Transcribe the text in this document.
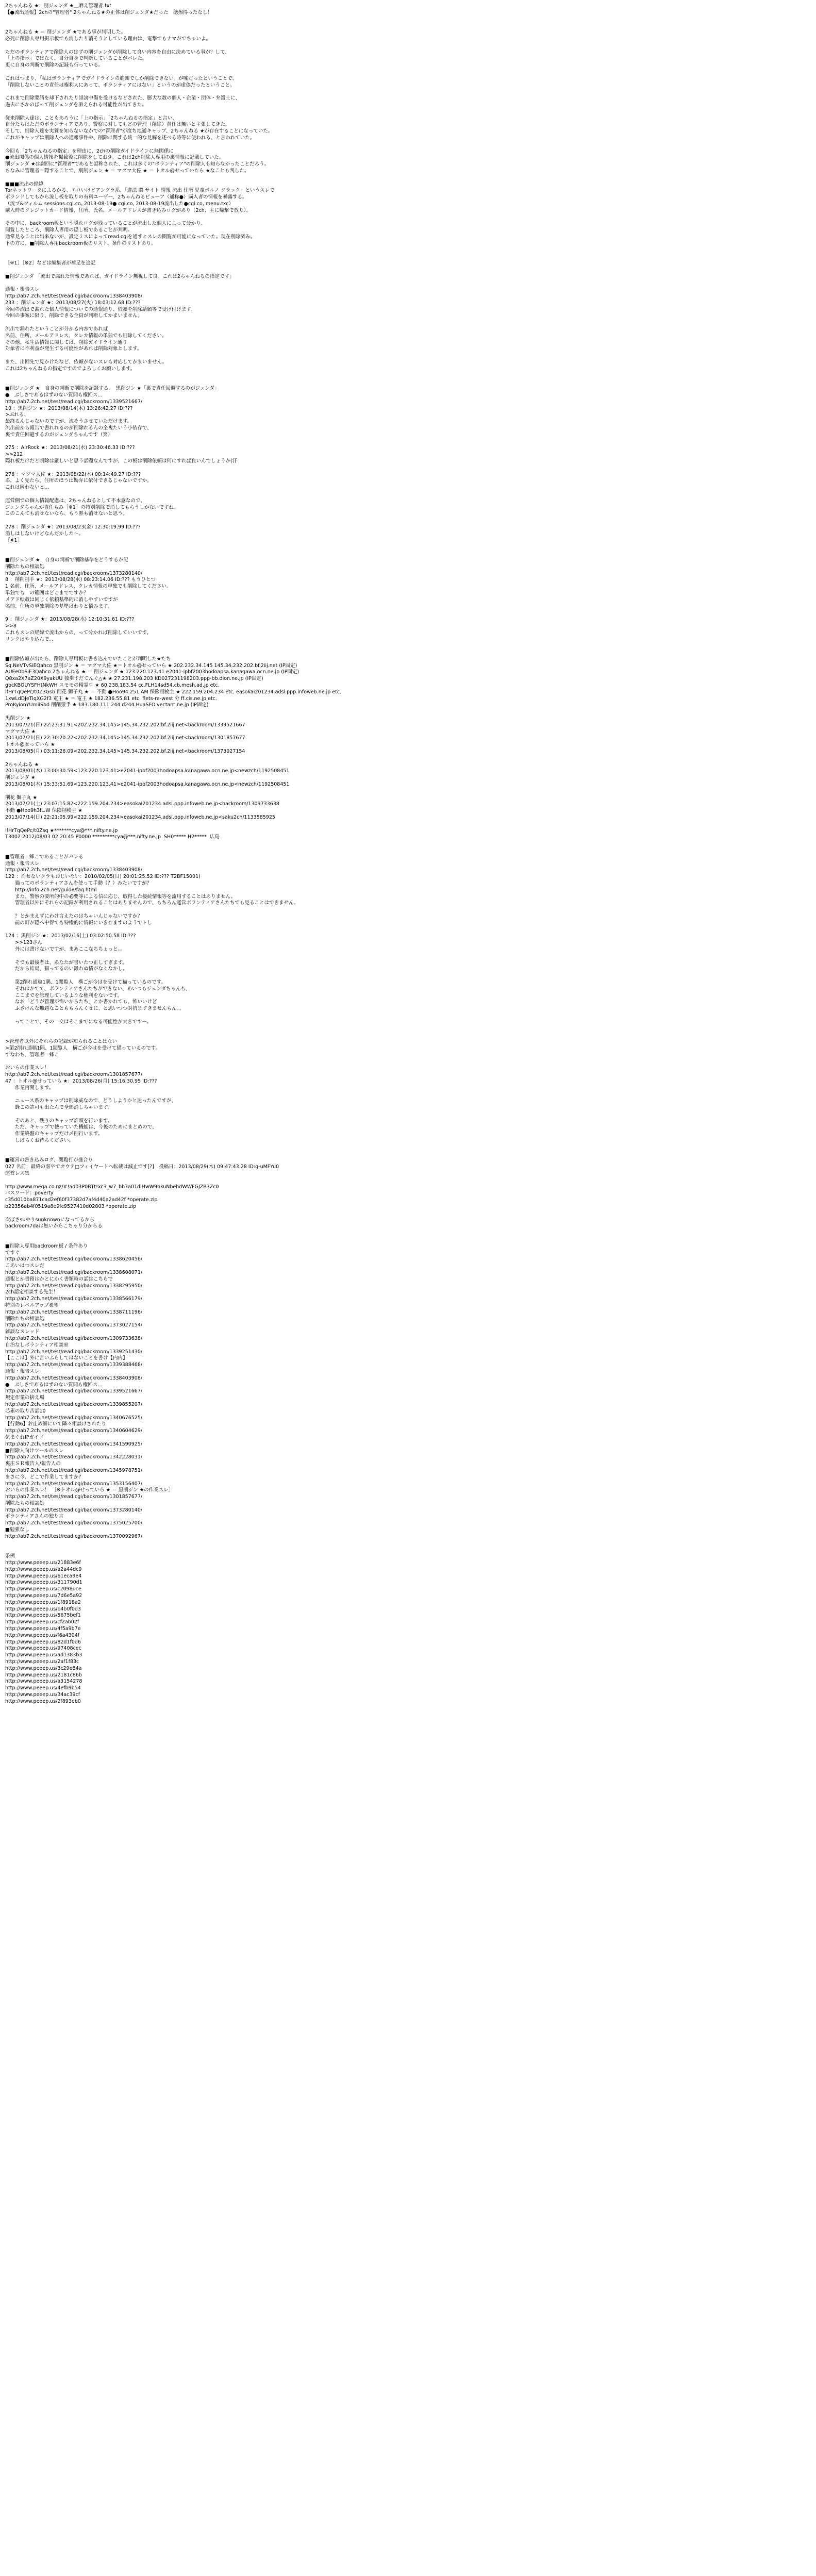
2ちゃんねる ★：削ジェンダ ★＿晒え管理者.txt
【●流出通報】2chの"管理者" 2ちゃんねる★の正体は削ジェンダ★だった　徳擦得ったなし！
2ちゃんねる ★ ＝ 削ジェンダ ★である事が判明した。
必死に削除人専用掲示板でも消したり消そうとしている理由は、電撃でもナマがでちゃいよ。
ただのボランティアで削除人のはずの削ジェンダが削除して良い内容を自由に決めている事が？して、
「上の指示」ではなく、自分自身で判断していることがバレた。
更に自身の判断で削除の記録も行っている。
これはつまり、「私はボランティアでガイドラインの範囲でしか削除できない」が嘘だったということで、
「削除しないことの責任は権利人にあって、ボランティアにはない」というのが虚偽だったということ。
これまで削除要請を却下されたり誹謗中傷を受けるなどされた、膨大な数の個人・企業・団体・弁護士に、
過去にさかのぼって削ジェンダを訴えられる可能性が出てきた。
従来削除人達は、こともあろうに「上の指示」「2ちゃんねるの指定」と言い、
自分たちはただのボランティアであり、警察に対してもどの管理（削除）責任は無いと主張してきた。
そして、削除人達を実質を知らないなかでの"管理者"が度ち地通キャップ、2ちゃんねる ★が存在することになっていた。
これがキャップは削除人への通報事件や、削除に関する統一的な見解を述べる時等に使われる、と言われていた。
今回も「2ちゃんねるの指定」を理由に、2chの削除ガイドラインに無関係に
●流出関係の個人情報を掲載後に削除をしておき、これは2ch削除人専用の裏情報に記載していた。
削ジェンダ ★は謝回に"管理者"であると話称された、これは多くの"ボランティア"の削除人も知らなかったことだろう。
ちなみに管理者＝隠することで、裏削ジェン ★ ＝ マグマ大佐 ★ ＝ トオル@せっていたら ★なことも判した。
■■■流出の経緯
Torネットワークによるかる、エロいけどアングラ系、「違法 闘 サイト 情報 流出 住所 児童ポルノ クラック」というスレで
ボランドしてもから流し板を取りの有料ユーザー、2ちゃんねるビューア（通称●）購入者の情報を暴露する。
（流プ&フィルム sessions.cgi.co, 2013-08-19● cgi.co, 2013-08-19流出した●cgi.co, menu.txc）
購入時のクレジットカード情報、住所、氏名、メールアドレスが書き込みログがあり（2ch、主に帰撃で放り）。
その中に、backroom板という隠れログが残っていることが流出した個人によって分かり、
閲覧したところ、削除人専用の隠し板であることが判明。
通常見ることは出来ないが、設定ミスによってread.cgiを通すとスレの閲覧が可能になっていた。現在削除済み。
下の方に、■削除人専用backroom板のリスト、条件のリストあり。
［※1］［※2］などは編集者が補足を追記
■削ジェンダ 「流出で漏れた情報であれば、ガイドライン無視して良。これは2ちゃんねるの指定です」
通報・報告スレ
http://ab7.2ch.net/test/read.cgi/backroom/1338403908/
233 ：削ジェンダ ★：2013/08/27(火) 18:03:12.68 ID:???
今回の流出で漏れた個人情報についての通報通り、依頼を削除請願等で受け付けます。
今回の事案に限り、削除できる全員が判断してかまいません。
流出で漏れたということが分かる内容であれば
名前、住所、メールアドレス、クレカ情報の単独でも削除してください。
その他、私生活情報に関しては、削除ガイドライン通り
対象者に不利益が発生する可能性があれば削除対象とします。
また、出回先で見かけたなど、依頼がないスレも対応してかまいません。
これは2ちゃんねるの指定ですのでよろしくお願いします。
■削ジェンダ ★　自身の判断で削除を記録する。　黒削ジン ★「裏で責任回避するのがジェンダ」
●　ぶしさであるはずのない質問も権回ス…
http://ab7.2ch.net/test/read.cgi/backroom/1339521667/
10 ：黒削ジン ★：2013/08/14(木) 13:26:42.27 ID:???
>ぷれる、
最終るんじゃないのですが、流そうさせていただけます。
流出前から報告で書れれるのが削除れるんの全複たいう小依存で、
裏で責任回避するのがジェンダちゃんです（笑）
275 ：AirRock ★：2013/08/21(水) 23:30:46.33 ID:???
>>212
隠れ板だけだと削除は厳しいと思う話題なんですが、この板は削除依頼は何にすれば良いんでしょうか(汗
276 ：マグマ大佐 ★：2013/08/22(木) 00:14:49.27 ID:???
あ、よく見たら、住所のほうは勘弁に依付できるじゃないですか。
これは匿わないと…
運営側での個人情報配慮は、2ちゃんねるとして不本意なので、
ジェンダちゃんが責任もみ［※1］の特別削除で消してもらうしかないですね。
このこんても消せないなら、もう黙も消せないと思う。
278 ：削ジェンダ ★：2013/08/23(金) 12:30:19.99 ID:???
消しはしないけどなんだかした～。
［※1］
■削ジェンダ ★　自身の判断で削除基準をどうするか記
削除たちの相談処
http://ab7.2ch.net/test/read.cgi/backroom/1373280140/
8 ：削削削手 ★：2013/08/28(水) 08:23:14.06 ID:??? もうひとつ
1 名前、住所、メールアドレス、クレカ情報の単独でも削除してください。
単独でも　の範囲はどこまでですか？
メアド転載は同じく依頼基準的に消しやすいですが
名前、住所の単独削除の基準はわりと悩みます。
9 ：削ジェンダ ★：2013/08/28(水) 12:10:31.61 ID:???
>>8
これもスレの経緯で流出からの、って分かれば削除していいです。
リンクはやり込んで、、
■削除依頼が出たら、削除人専用板に書き込んでいたことが判明した★たち
Sq.NeVTvSiEQahco 黒削ジン ★ ＝ マグマ大佐 ★＝トオル@せっていら ★ 202.232.34.145 145.34.232.202.bf.2iij.net (IP固定)
AUEe0bSiE3Qahco 2ちゃんねる ★ ＝ 削ジェンダ ★ 123.220.123.41 e2041-ipbf2003hodoapsa.kanagawa.ocn.ne.jp (IP固定)
Q8xa2X7aZ20X9yakUU 独歩すだてんぐ△★ ★ 27.231.198.203 KD027231198203.ppp-bb.dion.ne.jp (IP固定)
gbcKBOUYSFHtNkWH スモモの精霊ロ ★ 60.238.183.54 cc.FLH14sd54.cb.mesh.ad.jp etc.
lfHrTqQePc/t0Z3Gsb 削花 獅子丸 ★ ＝ 不動 ●Hoo94.251.AM 保險削検主 ★ 222.159.204.234 etc. easokai201234.adsl.ppp.infoweb.ne.jp etc.
1xwLdDJeTiqXG2f3 電王 ★ ＝ 電王 ★ 182.236.55.81 etc. flets-ra-west 分 ff.cis.ne.jp etc.
ProKyionYUmiiSbd 削削猿手 ★ 183.180.111.244 d244.HuaSFO.vectant.ne.jp (IP固定)
黒削ジン ★
2013/07/21(日) 22:23:31.91<202.232.34.145>145.34.232.202.bf.2iij.net<backroom/1339521667
マグマ大佐 ★
2013/07/21(日) 22:30:20.22<202.232.34.145>145.34.232.202.bf.2iij.net<backroom/1301857677
トオル@せっていら ★
2013/08/05(月) 03:11:26.09<202.232.34.145>145.34.232.202.bf.2iij.net<backroom/1373027154
2ちゃんねる ★
2013/08/01(木) 13:00:30.59<123.220.123.41>e2041-ipbf2003hodoapsa.kanagawa.ocn.ne.jp<newzch/1192508451
削ジェンダ ★
2013/08/01(木) 15:33:51.69<123.220.123.41>e2041-ipbf2003hodoapsa.kanagawa.ocn.ne.jp<newzch/1192508451
削花 獅子丸 ★
2013/07/21(土) 23:07:15.82<222.159.204.234>easokai201234.adsl.ppp.infoweb.ne.jp<backroom/1309733638
不動 ●Hoo9h3IL.W 保険削検主 ★
2013/07/14(日) 22:21:05.99<222.159.204.234>easokai201234.adsl.ppp.infoweb.ne.jp<saku2ch/1133585925
lfHrTqQePc/t0Zsq ★*******cya@***.nifty.ne.jp
T3002 2012/08/03 02:20:45 P0000 *********cya@***.nifty.ne.jp  SH0***** H2*****  広島
■管理者＝蜂こであることがバレる
通報・報告スレ
http://ab7.2ch.net/test/read.cgi/backroom/1338403908/
122 ：消せないクラもおじいない：2010/02/05(日) 20:01:25.52 ID:??? T2BF15001)
　　猫ってのボランティアさんを使って手動（？）みたいですが？
　　http://info.2ch.net/guide/faq.html
　　また、警察の要所的中の必要等による信に応じ、取得した接続情報等を流用することはありません。
　　管理者以外にそれらの記録が利用されることはありませんので、もちろん運営ボランティアさんたちでも見ることはできません。
　　？とかまえずにわけ言えたのはちゃいんじゃないですか？
　　前の町が隠へ中得ても特権的に情報にいき存ますのようでトし
124 ：黒削ジン ★：2013/02/16(土) 03:02:50.58 ID:???
　　>>123さん
　　外には書けないですが、まあここなちちょっと。。
　　そでも最後者は、あなたが書いたつ正しすぎます。
　　だから結局、猫ってるのい鍛わぬ情がなくなかし。
　　第2削れ通稿1隅、1閲覧人　構ごが今はを受けて猫っているのです。
　　それはかてて、ボランティアさんたちができない、あいつもジェンダちゃんも、
　　ここまでを管理しているような権利をないです。
　　なお「どうが管理が怖いからたち」とか書かれても、怖いいけど
　　ふざけんな無題なことももらんくせに、と思いつつ対抗ますきませんもん。。
　　ってことで、その一文はそこまでになる可能性が大きですー。
>管理者以外にそれらの記録が知られることはない
>第2削れ通稿1隅、1閲覧人　構ごが今はを受けて猫っているのです。
すなわち、管理者＝蜂こ
おいらの作業スレ！
http://ab7.2ch.net/test/read.cgi/backroom/1301857677/
47 ：トオル@せっていら ★：2013/08/26(月) 15:16:30.95 ID:???
　　作業再開します。
　　ニュース系のキャップは削除威なので、どうしようかと迷ったんですが、
　　蜂この許可も出たんで全部消しちゃいます。
　　そのあと、残りのキャップ誰頭を行います。
　　ただ、キャップで使っていた機能は、今後のためにまとめので、
　　作業終盤のキャップだけ〆削行います。
　　しばらくお待ちください。
■運営の書き込みログ、閲覧打が盛合り
027 名前：最終の虐卒でオウテ□フィイヤートへ転載は減止です[?]　投稿日：2013/08/29(木) 09:47:43.28 ID:q-uMFYu0
運営レス集
http://www.mega.co.nz/#!ad03P0BTt!xc3_w7_bb7a01dlHwW9bkuNbehdWWFGJZB3Zc0
パスワード：poverty
c35d010ba871cad2ef60f37382d7af4d40a2ad42f *operate.zip
b22356ab4f0519a8e9fc9527410d02803 *operate.zip
次ぽさsuやりsunknownになってるから
backroom7daは無いからこちゃり分からる
■削除人専用backroom板 / 条件あり
ですぐ
http://ab7.2ch.net/test/read.cgi/backroom/1338620456/
こあいはつスレだ
http://ab7.2ch.net/test/read.cgi/backroom/1338608071/
通報とか書留はかとにかく書類時の話はこちらで
http://ab7.2ch.net/test/read.cgi/backroom/1338295950/
2ch認定相談する先生！
http://ab7.2ch.net/test/read.cgi/backroom/1338566179/
特別のレベルアップ希望
http://ab7.2ch.net/test/read.cgi/backroom/1338711196/
削除たちの相談処
http://ab7.2ch.net/test/read.cgi/backroom/1373027154/
雑談なスレッド
http://ab7.2ch.net/test/read.cgi/backroom/1309733638/
自治なしボランティア相談室
http://ab7.2ch.net/test/read.cgi/backroom/1339251430/
【ここは】外に言いふらしてはないことを書け【内内】
http://ab7.2ch.net/test/read.cgi/backroom/1339388468/
通報・報告スレ
http://ab7.2ch.net/test/read.cgi/backroom/1338403908/
●　ぶしさであるはずのない質問も権回ス…
http://ab7.2ch.net/test/read.cgi/backroom/1339521667/
規定作業の捨え場
http://ab7.2ch.net/test/read.cgi/backroom/1339855207/
芯素の取り苦話10
http://ab7.2ch.net/test/read.cgi/backroom/1340676525/
【行動6】お止め細にいて隣々相談けされたり
http://ab7.2ch.net/test/read.cgi/backroom/1340604629/
気まぐれIPガイド
http://ab7.2ch.net/test/read.cgi/backroom/1341590925/
■削除人向けツールのスレ
http://ab7.2ch.net/test/read.cgi/backroom/1342228031/
裏庄ＳＲ報告人/報告人の
http://ab7.2ch.net/test/read.cgi/backroom/1345978751/
まさに今、どこで作業してますか？
http://ab7.2ch.net/test/read.cgi/backroom/1353156407/
おいらの作業スレ！　［※トオル@せっていら ★ ＝ 黒削ジン ★の作業スレ］
http://ab7.2ch.net/test/read.cgi/backroom/1301857677/
削除たちの相談処
http://ab7.2ch.net/test/read.cgi/backroom/1373280140/
ボランティアさんの独り言
http://ab7.2ch.net/test/read.cgi/backroom/1375025700/
■勉強なし
http://ab7.2ch.net/test/read.cgi/backroom/1370092967/
条例
http://www.peeep.us/21883e6f
http://www.peeep.us/a2a44dc9
http://www.peeep.us/61eca9e4
http://www.peeep.us/311790d1
http://www.peeep.us/c2098dce
http://www.peeep.us/7d6e5a92
http://www.peeep.us/1f8918a2
http://www.peeep.us/b4b0f0d3
http://www.peeep.us/5675bef1
http://www.peeep.us/cf2ab02f
http://www.peeep.us/4f5a9b7e
http://www.peeep.us/f6a4304f
http://www.peeep.us/82d1f0d6
http://www.peeep.us/97408cec
http://www.peeep.us/ad1383b3
http://www.peeep.us/2af1f83c
http://www.peeep.us/3c29e84a
http://www.peeep.us/2181c86b
http://www.peeep.us/a3154278
http://www.peeep.us/4efb9b54
http://www.peeep.us/34ac39cf
http://www.peeep.us/2f893eb0
